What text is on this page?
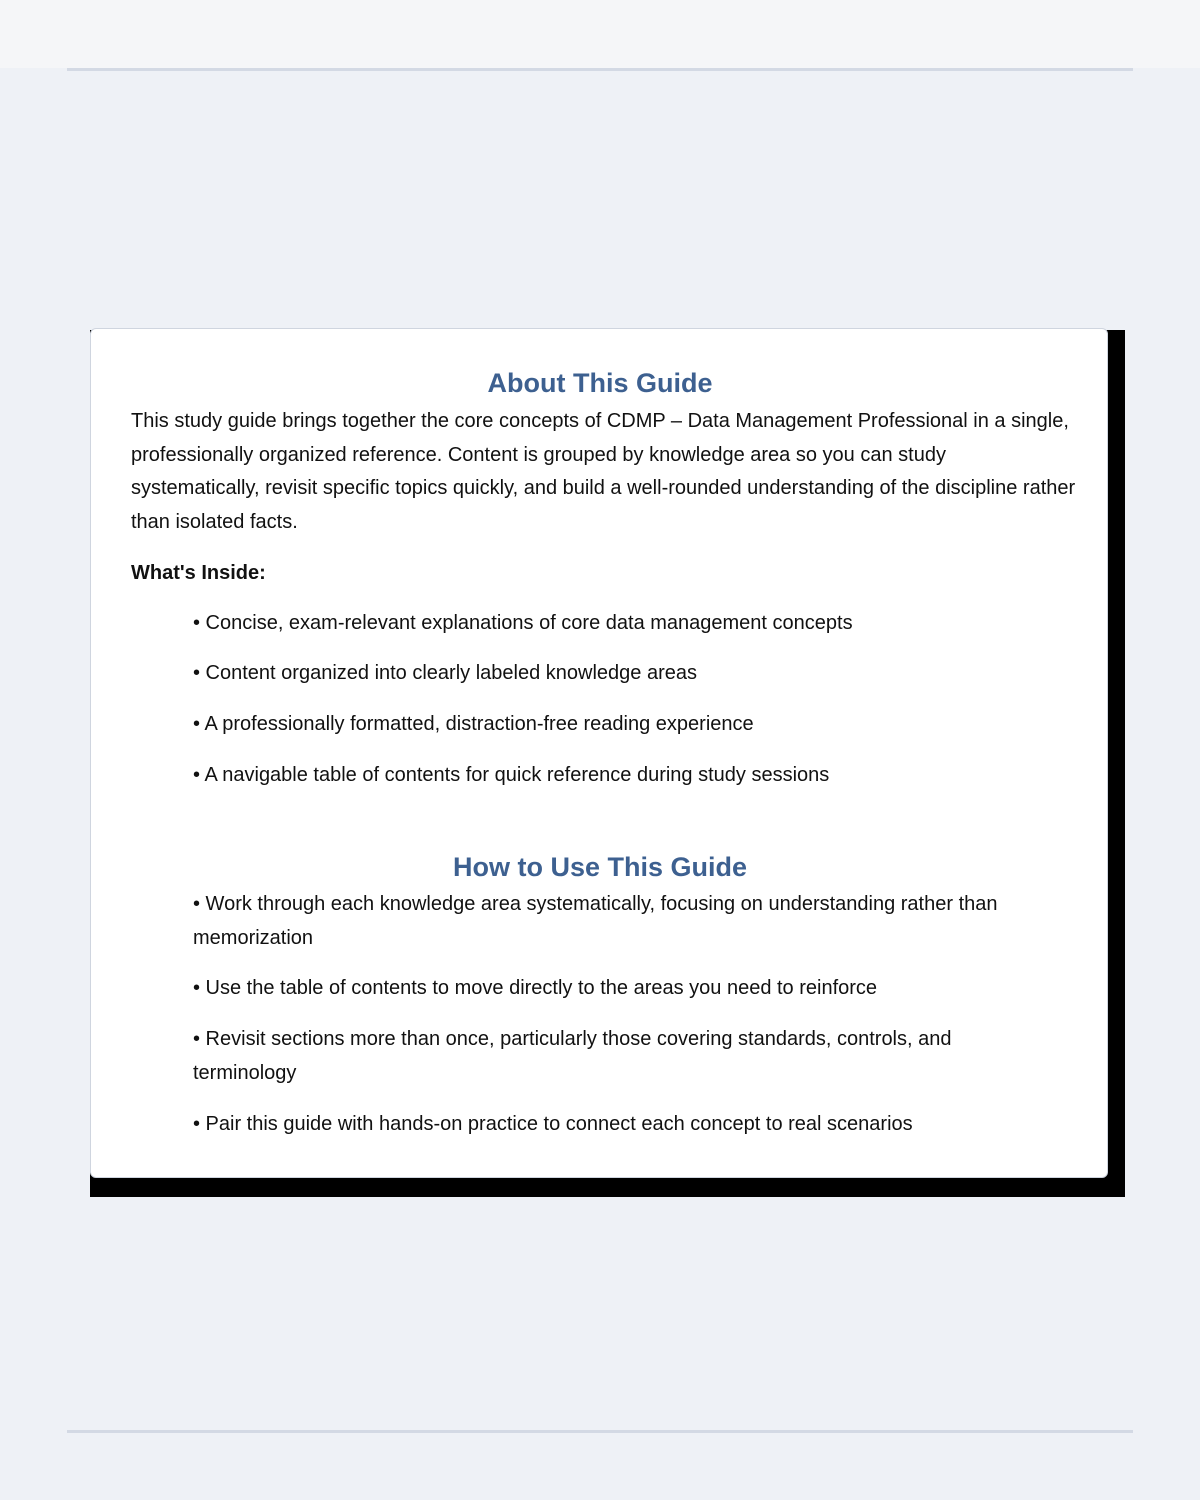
About This Guide

This study guide brings together the core concepts of CDMP – Data Management Professional in a single, professionally organized reference. Content is grouped by knowledge area so you can study systematically, revisit specific topics quickly, and build a well-rounded understanding of the discipline rather than isolated facts.

What's Inside:

• Concise, exam-relevant explanations of core data management concepts

• Content organized into clearly labeled knowledge areas

• A professionally formatted, distraction-free reading experience

• A navigable table of contents for quick reference during study sessions

How to Use This Guide

• Work through each knowledge area systematically, focusing on understanding rather than memorization

• Use the table of contents to move directly to the areas you need to reinforce

• Revisit sections more than once, particularly those covering standards, controls, and terminology

• Pair this guide with hands-on practice to connect each concept to real scenarios
